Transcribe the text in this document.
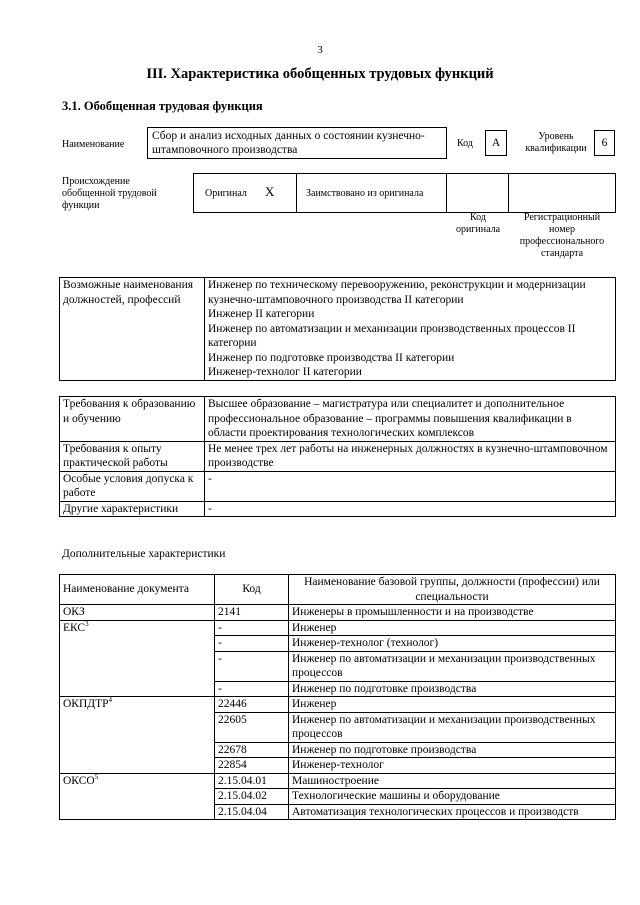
3
III. Характеристика обобщенных трудовых функций
3.1. Обобщенная трудовая функция
Наименование
Сбор и анализ исходных данных о состоянии кузнечно-штамповочного производства
Код	А
Уровень квалификации	6
Происхождение обобщенной трудовой функции
Оригинал Х	Заимствовано из оригинала
Код оригинала
Регистрационный номер профессионального стандарта
Возможные наименования должностей, профессий	
Инженер по техническому перевооружению, реконструкции и модернизации кузнечно-штамповочного производства II категории
Инженер II категории
Инженер по автоматизации и механизации производственных процессов II категории
Инженер по подготовке производства II категории
Инженер-технолог II категории
Требования к образованию и обучению	Высшее образование – магистратура или специалитет и дополнительное профессиональное образование – программы повышения квалификации в области проектирования технологических комплексов
Требования к опыту практической работы	Не менее трех лет работы на инженерных должностях в кузнечно-штамповочном производстве
Особые условия допуска к работе	-
Другие характеристики	-
Дополнительные характеристики
Наименование документа	Код	Наименование базовой группы, должности (профессии) или специальности
ОКЗ	2141	Инженеры в промышленности и на производстве
ЕКС$^3$	-	Инженер
	-	Инженер-технолог (технолог)
	-	Инженер по автоматизации и механизации производственных процессов
	-	Инженер по подготовке производства
ОКПДТР$^4$	22446	Инженер
	22605	Инженер по автоматизации и механизации производственных процессов
	22678	Инженер по подготовке производства
	22854	Инженер-технолог
ОКСО$^5$	2.15.04.01	Машиностроение
	2.15.04.02	Технологические машины и оборудование
	2.15.04.04	Автоматизация технологических процессов и производств
